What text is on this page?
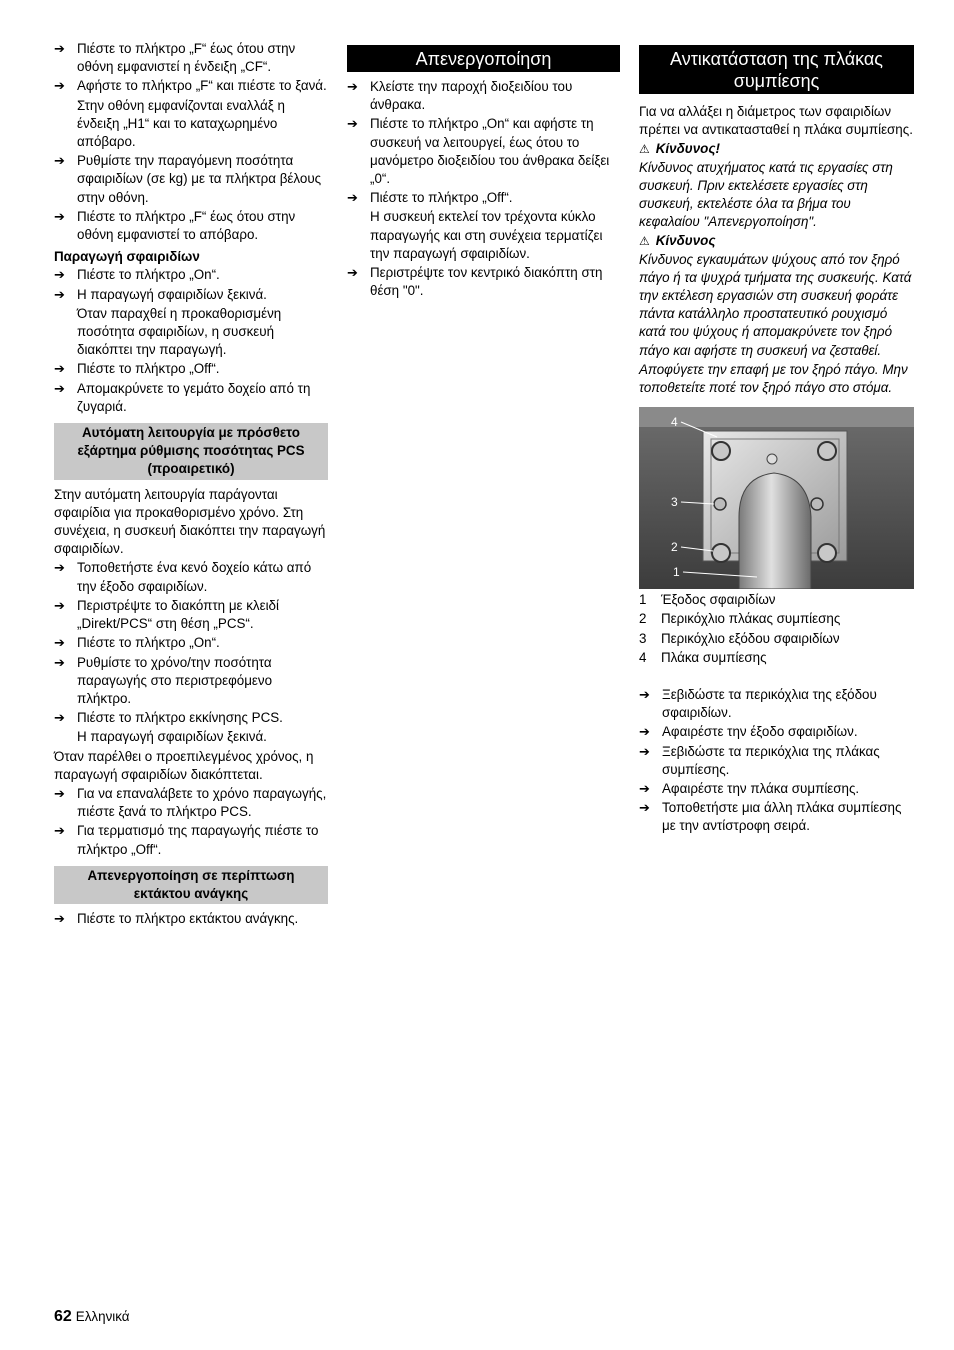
➔ Πιέστε το πλήκτρο „F“ έως ότου στην οθόνη εμφανιστεί η ένδειξη „CF“.
➔ Αφήστε το πλήκτρο „F“ και πιέστε το ξανά.
Στην οθόνη εμφανίζονται εναλλάξ η ένδειξη „H1“ και το καταχωρημένο απόβαρο.
➔ Ρυθμίστε την παραγόμενη ποσότητα σφαιριδίων (σε kg) με τα πλήκτρα βέλους στην οθόνη.
➔ Πιέστε το πλήκτρο „F“ έως ότου στην οθόνη εμφανιστεί το απόβαρο.
Παραγωγή σφαιριδίων
➔ Πιέστε το πλήκτρο „On“.
➔ Η παραγωγή σφαιριδίων ξεκινά.
Όταν παραχθεί η προκαθορισμένη ποσότητα σφαιριδίων, η συσκευή διακόπτει την παραγωγή.
➔ Πιέστε το πλήκτρο „Off“.
➔ Απομακρύνετε το γεμάτο δοχείο από τη ζυγαριά.
Αυτόματη λειτουργία με πρόσθετο εξάρτημα ρύθμισης ποσότητας PCS (προαιρετικό)

Στην αυτόματη λειτουργία παράγονται σφαιρίδια για προκαθορισμένο χρόνο. Στη συνέχεια, η συσκευή διακόπτει την παραγωγή σφαιριδίων.

➔ Τοποθετήστε ένα κενό δοχείο κάτω από την έξοδο σφαιριδίων.
➔ Περιστρέψτε το διακόπτη με κλειδί „Direkt/PCS“ στη θέση „PCS“.
➔ Πιέστε το πλήκτρο „On“.
➔ Ρυθμίστε το χρόνο/την ποσότητα παραγωγής στο περιστρεφόμενο πλήκτρο.
➔ Πιέστε το πλήκτρο εκκίνησης PCS.
Η παραγωγή σφαιριδίων ξεκινά.

Όταν παρέλθει ο προεπιλεγμένος χρόνος, η παραγωγή σφαιριδίων διακόπτεται.

➔ Για να επαναλάβετε το χρόνο παραγωγής, πιέστε ξανά το πλήκτρο PCS.
➔ Για τερματισμό της παραγωγής πιέστε το πλήκτρο „Off“.
Απενεργοποίηση σε περίπτωση εκτάκτου ανάγκης
➔ Πιέστε το πλήκτρο εκτάκτου ανάγκης.
Απενεργοποίηση
➔ Κλείστε την παροχή διοξειδίου του άνθρακα.
➔ Πιέστε το πλήκτρο „On“ και αφήστε τη συσκευή να λειτουργεί, έως ότου το μανόμετρο διοξειδίου του άνθρακα δείξει „0“.
➔ Πιέστε το πλήκτρο „Off“.
Η συσκευή εκτελεί τον τρέχοντα κύκλο παραγωγής και στη συνέχεια τερματίζει την παραγωγή σφαιριδίων.
➔ Περιστρέψτε τον κεντρικό διακόπτη στη θέση "0".
Αντικατάσταση της πλάκας συμπίεσης

Για να αλλάξει η διάμετρος των σφαιριδίων πρέπει να αντικατασταθεί η πλάκα συμπίεσης.

⚠ Κίνδυνος!

Κίνδυνος ατυχήματος κατά τις εργασίες στη συσκευή. Πριν εκτελέσετε εργασίες στη συσκευή, εκτελέστε όλα τα βήμα του κεφαλαίου "Απενεργοποίηση".

⚠ Κίνδυνος

Κίνδυνος εγκαυμάτων ψύχους από τον ξηρό πάγο ή τα ψυχρά τμήματα της συσκευής. Κατά την εκτέλεση εργασιών στη συσκευή φοράτε πάντα κατάλληλο προστατευτικό ρουχισμό κατά του ψύχους ή απομακρύνετε τον ξηρό πάγο και αφήστε τη συσκευή να ζεσταθεί.

Αποφύγετε την επαφή με τον ξηρό πάγο. Μην τοποθετείτε ποτέ τον ξηρό πάγο στο στόμα.

4
3
2
1
1 Έξοδος σφαιριδίων
2 Περικόχλιο πλάκας συμπίεσης
3 Περικόχλιο εξόδου σφαιριδίων
4 Πλάκα συμπίεσης
➔ Ξεβιδώστε τα περικόχλια της εξόδου σφαιριδίων.
➔ Αφαιρέστε την έξοδο σφαιριδίων.
➔ Ξεβιδώστε τα περικόχλια της πλάκας συμπίεσης.
➔ Αφαιρέστε την πλάκα συμπίεσης.
➔ Τοποθετήστε μια άλλη πλάκα συμπίεσης με την αντίστροφη σειρά.
62 Ελληνικά
